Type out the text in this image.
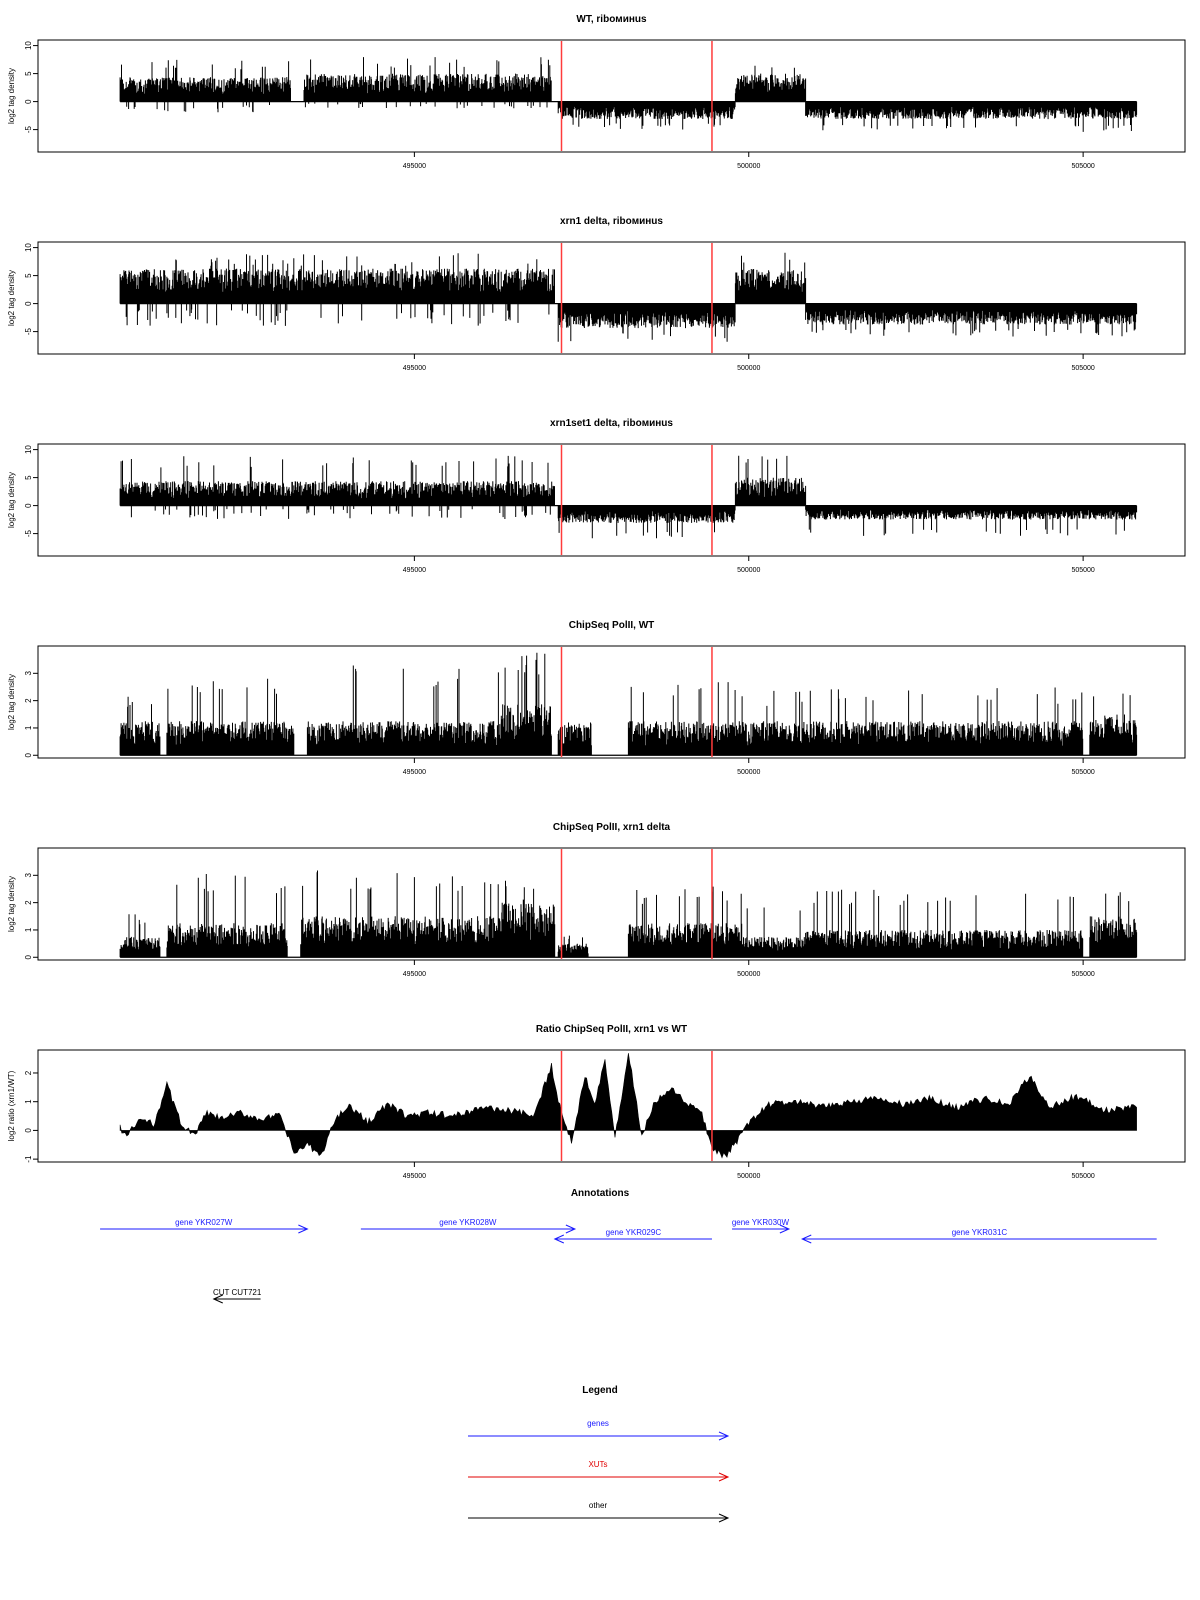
WT, riboминus
-5
0
5
10
log2 tag density
495000	500000	505000
xrn1 delta, riboминus
-5
0
5
10
log2 tag density
495000	500000	505000
xrn1set1 delta, riboминus
-5
0
5
10
log2 tag density
495000	500000	505000
ChipSeq PolII, WT
0
1
2
3
log2 tag density
495000	500000	505000
ChipSeq PolII, xrn1 delta
0
1
2
3
log2 tag density
495000	500000	505000
Ratio ChipSeq PolII, xrn1 vs WT
-1
0
1
2
log2 ratio (xrn1/WT)
495000	500000	505000
Annotations
gene YKR027W	gene YKR028W
gene YKR029C
gene YKR030W
gene YKR031C
CUT CUT721
Legend
genes
XUTs
other
